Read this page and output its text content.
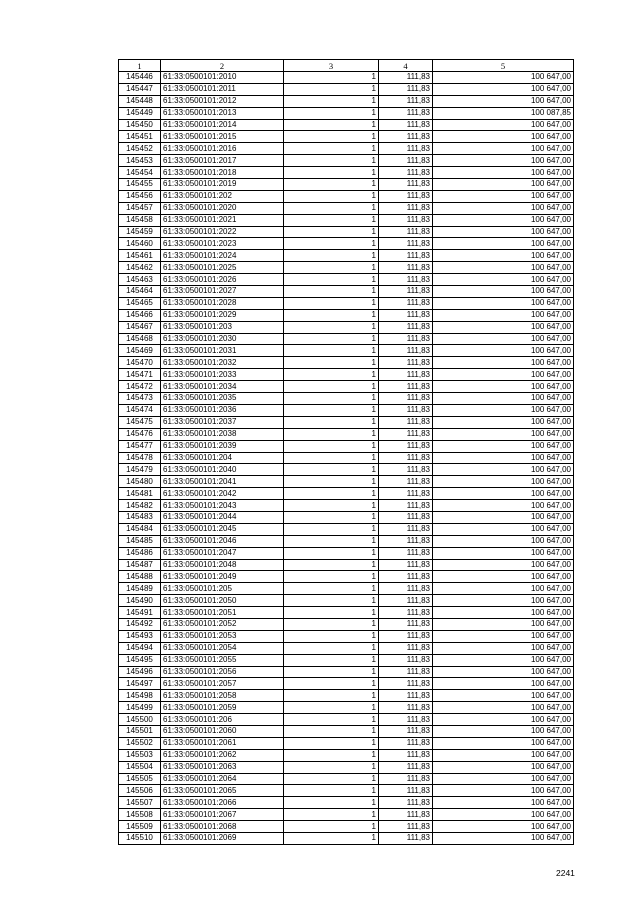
1	2	3	4	5
145446	61:33:0500101:2010	1	111,83	100 647,00
145447	61:33:0500101:2011	1	111,83	100 647,00
145448	61:33:0500101:2012	1	111,83	100 647,00
145449	61:33:0500101:2013	1	111,83	100 087,85
145450	61:33:0500101:2014	1	111,83	100 647,00
145451	61:33:0500101:2015	1	111,83	100 647,00
145452	61:33:0500101:2016	1	111,83	100 647,00
145453	61:33:0500101:2017	1	111,83	100 647,00
145454	61:33:0500101:2018	1	111,83	100 647,00
145455	61:33:0500101:2019	1	111,83	100 647,00
145456	61:33:0500101:202	1	111,83	100 647,00
145457	61:33:0500101:2020	1	111,83	100 647,00
145458	61:33:0500101:2021	1	111,83	100 647,00
145459	61:33:0500101:2022	1	111,83	100 647,00
145460	61:33:0500101:2023	1	111,83	100 647,00
145461	61:33:0500101:2024	1	111,83	100 647,00
145462	61:33:0500101:2025	1	111,83	100 647,00
145463	61:33:0500101:2026	1	111,83	100 647,00
145464	61:33:0500101:2027	1	111,83	100 647,00
145465	61:33:0500101:2028	1	111,83	100 647,00
145466	61:33:0500101:2029	1	111,83	100 647,00
145467	61:33:0500101:203	1	111,83	100 647,00
145468	61:33:0500101:2030	1	111,83	100 647,00
145469	61:33:0500101:2031	1	111,83	100 647,00
145470	61:33:0500101:2032	1	111,83	100 647,00
145471	61:33:0500101:2033	1	111,83	100 647,00
145472	61:33:0500101:2034	1	111,83	100 647,00
145473	61:33:0500101:2035	1	111,83	100 647,00
145474	61:33:0500101:2036	1	111,83	100 647,00
145475	61:33:0500101:2037	1	111,83	100 647,00
145476	61:33:0500101:2038	1	111,83	100 647,00
145477	61:33:0500101:2039	1	111,83	100 647,00
145478	61:33:0500101:204	1	111,83	100 647,00
145479	61:33:0500101:2040	1	111,83	100 647,00
145480	61:33:0500101:2041	1	111,83	100 647,00
145481	61:33:0500101:2042	1	111,83	100 647,00
145482	61:33:0500101:2043	1	111,83	100 647,00
145483	61:33:0500101:2044	1	111,83	100 647,00
145484	61:33:0500101:2045	1	111,83	100 647,00
145485	61:33:0500101:2046	1	111,83	100 647,00
145486	61:33:0500101:2047	1	111,83	100 647,00
145487	61:33:0500101:2048	1	111,83	100 647,00
145488	61:33:0500101:2049	1	111,83	100 647,00
145489	61:33:0500101:205	1	111,83	100 647,00
145490	61:33:0500101:2050	1	111,83	100 647,00
145491	61:33:0500101:2051	1	111,83	100 647,00
145492	61:33:0500101:2052	1	111,83	100 647,00
145493	61:33:0500101:2053	1	111,83	100 647,00
145494	61:33:0500101:2054	1	111,83	100 647,00
145495	61:33:0500101:2055	1	111,83	100 647,00
145496	61:33:0500101:2056	1	111,83	100 647,00
145497	61:33:0500101:2057	1	111,83	100 647,00
145498	61:33:0500101:2058	1	111,83	100 647,00
145499	61:33:0500101:2059	1	111,83	100 647,00
145500	61:33:0500101:206	1	111,83	100 647,00
145501	61:33:0500101:2060	1	111,83	100 647,00
145502	61:33:0500101:2061	1	111,83	100 647,00
145503	61:33:0500101:2062	1	111,83	100 647,00
145504	61:33:0500101:2063	1	111,83	100 647,00
145505	61:33:0500101:2064	1	111,83	100 647,00
145506	61:33:0500101:2065	1	111,83	100 647,00
145507	61:33:0500101:2066	1	111,83	100 647,00
145508	61:33:0500101:2067	1	111,83	100 647,00
145509	61:33:0500101:2068	1	111,83	100 647,00
145510	61:33:0500101:2069	1	111,83	100 647,00
2241
